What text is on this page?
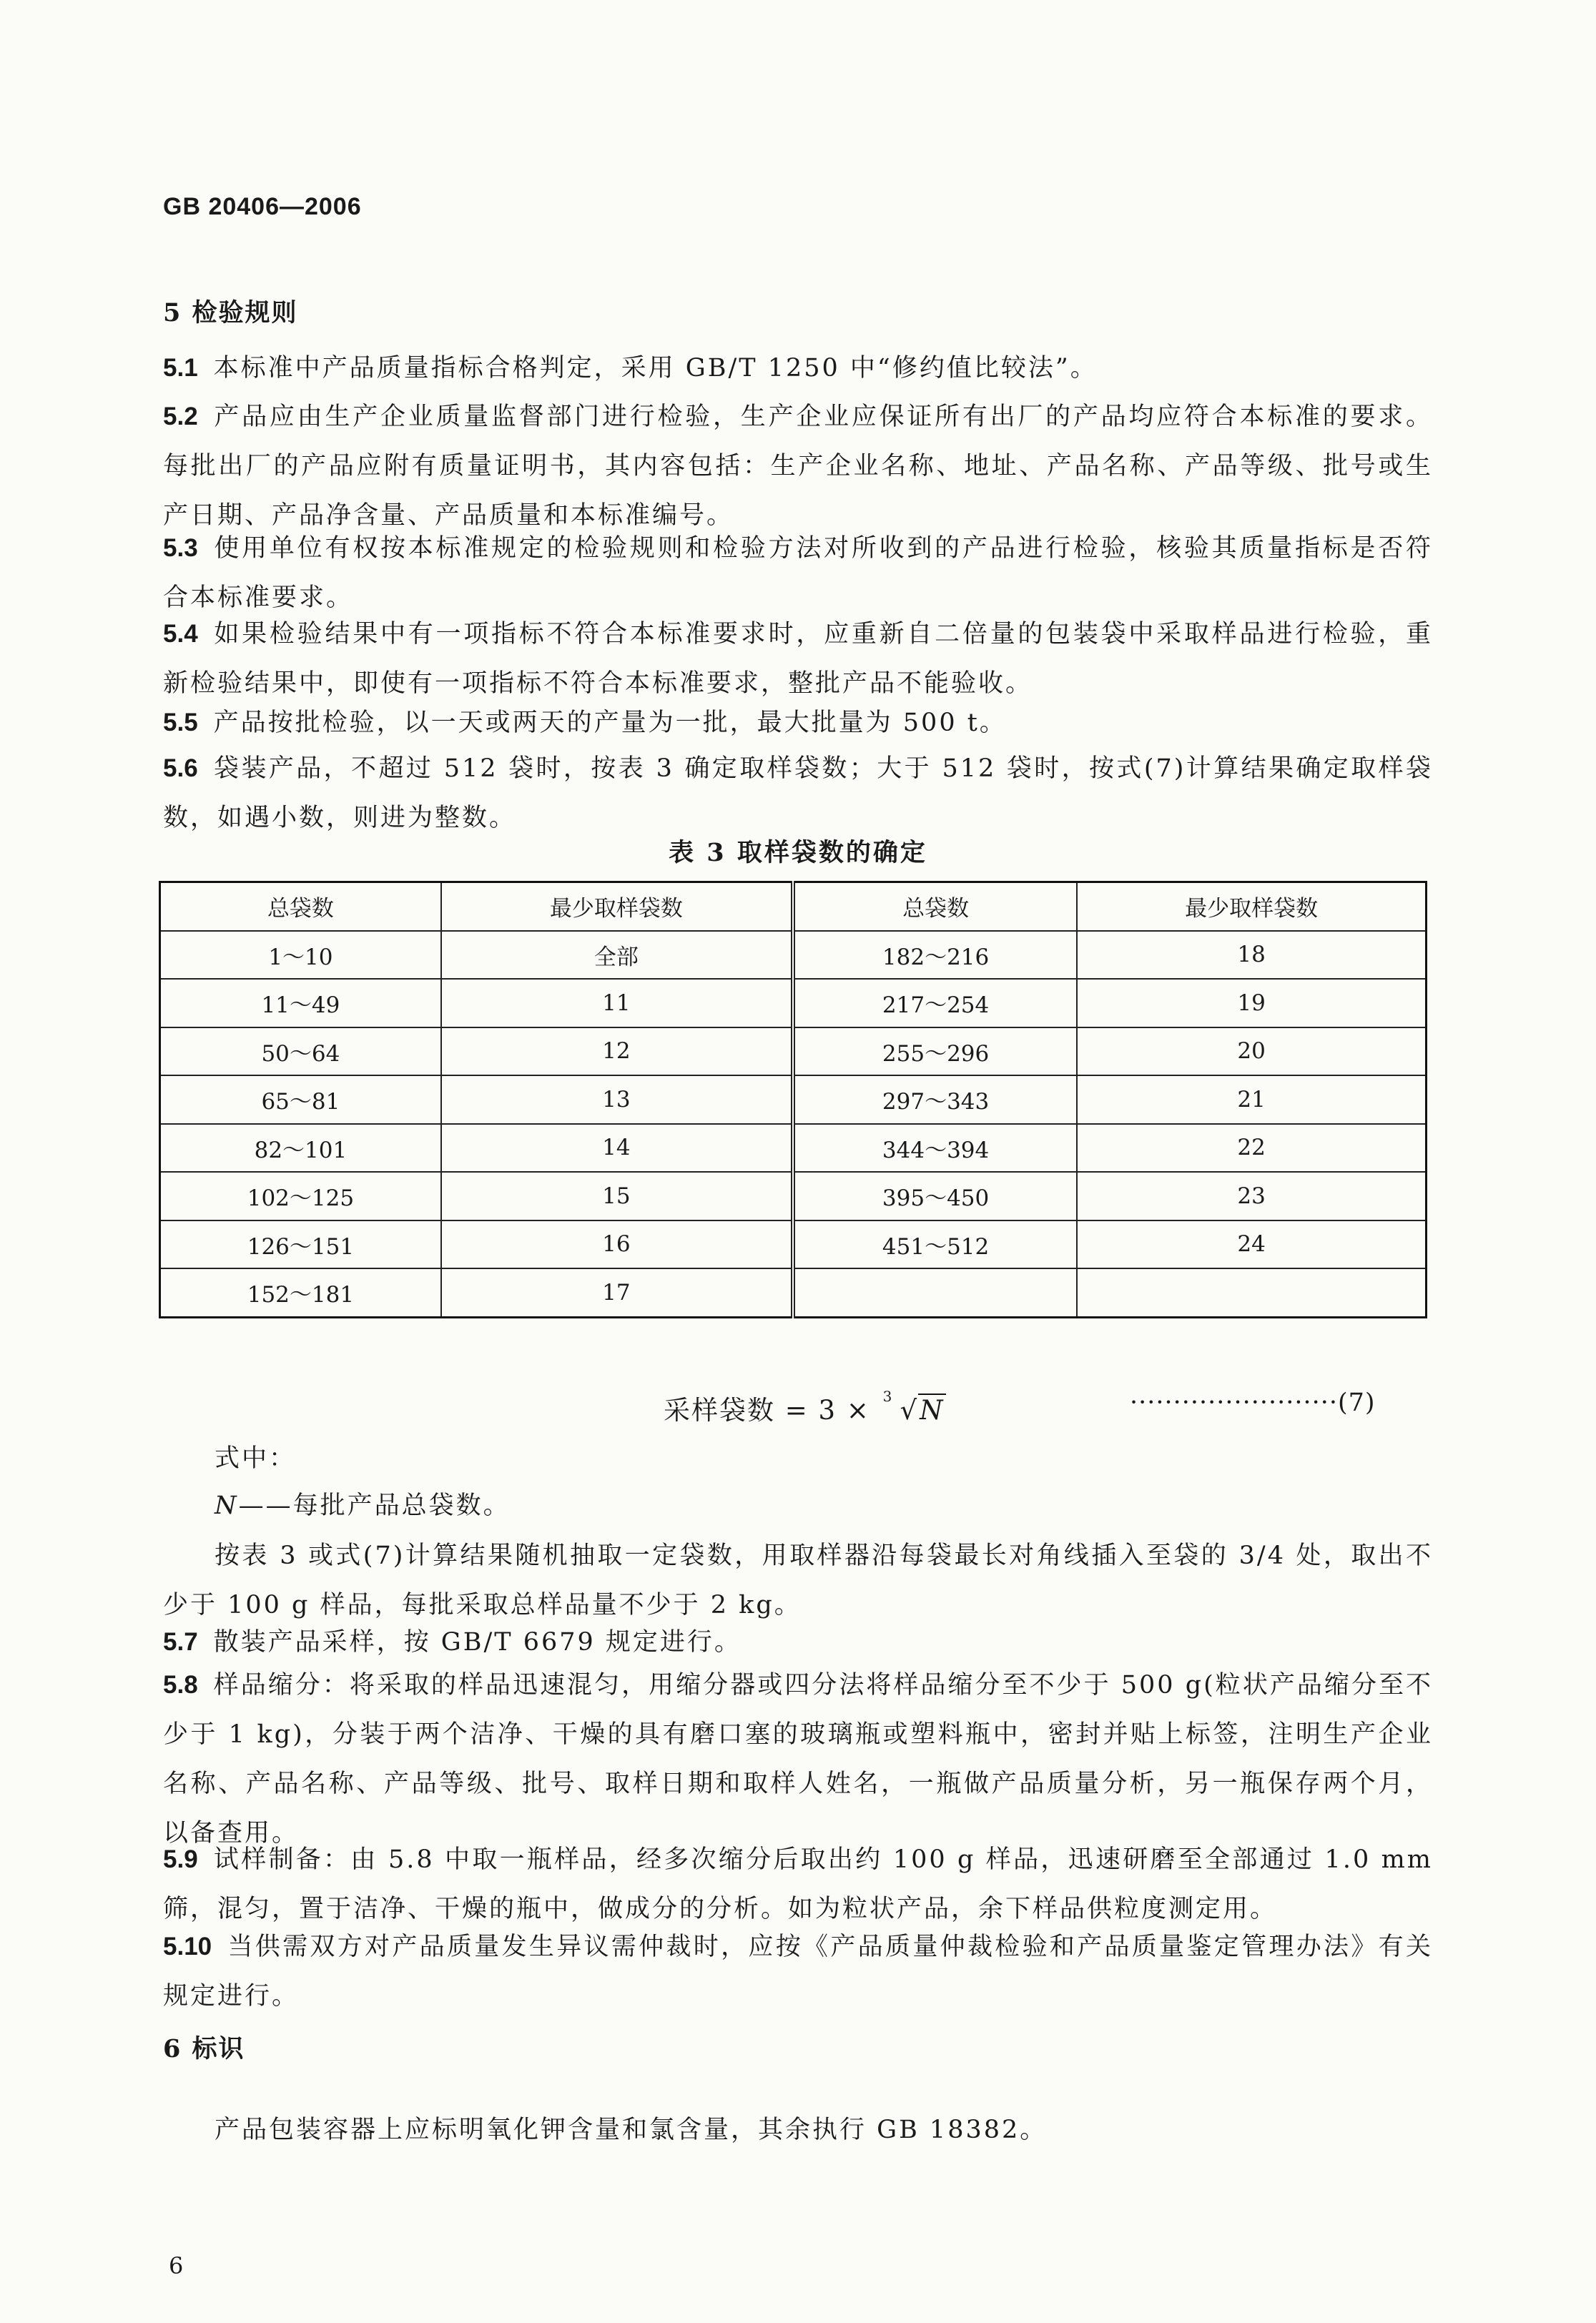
GB 20406—2006
5 检验规则

5.1 本标准中产品质量指标合格判定，采用 GB/T 1250 中“修约值比较法”。

5.2 产品应由生产企业质量监督部门进行检验，生产企业应保证所有出厂的产品均应符合本标准的要求。每批出厂的产品应附有质量证明书，其内容包括：生产企业名称、地址、产品名称、产品等级、批号或生产日期、产品净含量、产品质量和本标准编号。

5.3 使用单位有权按本标准规定的检验规则和检验方法对所收到的产品进行检验，核验其质量指标是否符合本标准要求。

5.4 如果检验结果中有一项指标不符合本标准要求时，应重新自二倍量的包装袋中采取样品进行检验，重新检验结果中，即使有一项指标不符合本标准要求，整批产品不能验收。

5.5 产品按批检验，以一天或两天的产量为一批，最大批量为 500 t。

5.6 袋装产品，不超过 512 袋时，按表 3 确定取样袋数；大于 512 袋时，按式(7)计算结果确定取样袋数，如遇小数，则进为整数。

表 3 取样袋数的确定
总袋数	最少取样袋数	总袋数	最少取样袋数
1～10	全部	182～216	18
11～49	11	217～254	19
50～64	12	255～296	20
65～81	13	297～343	21
82～101	14	344～394	22
102～125	15	395～450	23
126～151	16	451～512	24
152～181	17		
采样袋数 = 3 × 3 √N	························(7)
式中：
N——每批产品总袋数。

按表 3 或式(7)计算结果随机抽取一定袋数，用取样器沿每袋最长对角线插入至袋的 3/4 处，取出不少于 100 g 样品，每批采取总样品量不少于 2 kg。

5.7 散装产品采样，按 GB/T 6679 规定进行。

5.8 样品缩分：将采取的样品迅速混匀，用缩分器或四分法将样品缩分至不少于 500 g(粒状产品缩分至不少于 1 kg)，分装于两个洁净、干燥的具有磨口塞的玻璃瓶或塑料瓶中，密封并贴上标签，注明生产企业名称、产品名称、产品等级、批号、取样日期和取样人姓名，一瓶做产品质量分析，另一瓶保存两个月，以备查用。

5.9 试样制备：由 5.8 中取一瓶样品，经多次缩分后取出约 100 g 样品，迅速研磨至全部通过 1.0 mm 筛，混匀，置于洁净、干燥的瓶中，做成分的分析。如为粒状产品，余下样品供粒度测定用。

5.10 当供需双方对产品质量发生异议需仲裁时，应按《产品质量仲裁检验和产品质量鉴定管理办法》有关规定进行。

6 标识

产品包装容器上应标明氧化钾含量和氯含量，其余执行 GB 18382。

6
